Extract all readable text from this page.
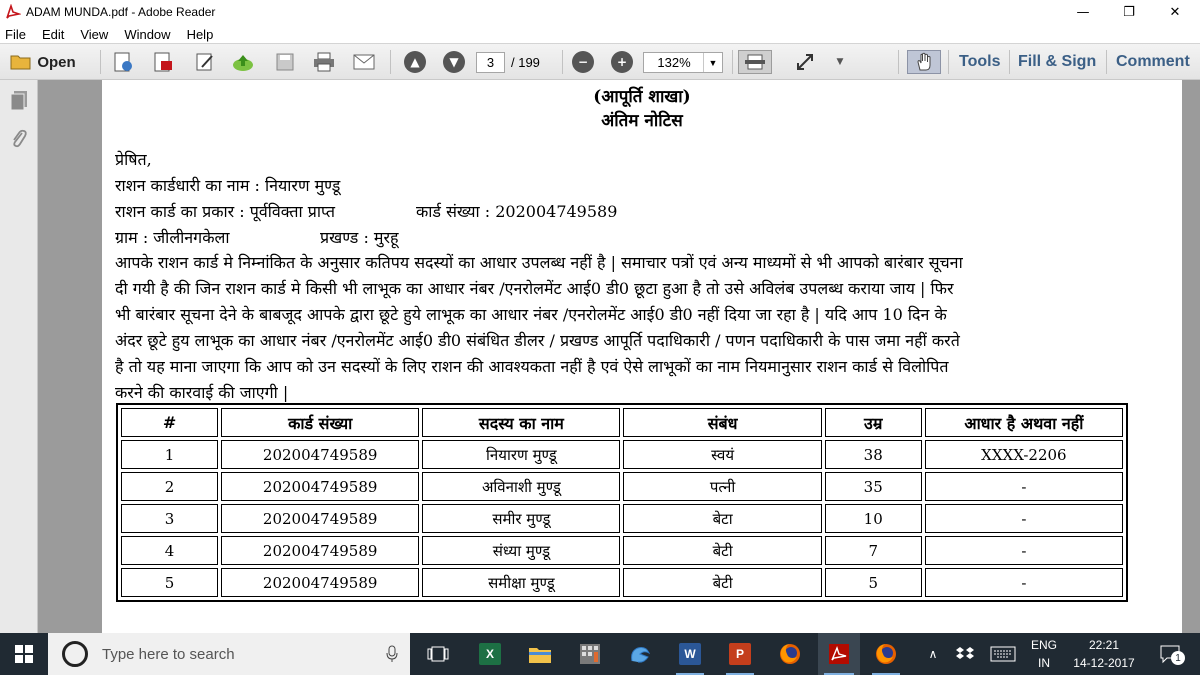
ADAM MUNDA.pdf - Adobe Reader	—	❐	✕
File Edit View Window Help
Open	▲	▼	3	/ 199	−	+	132%	▼	▼	Tools Fill & Sign Comment
(आपूर्ति शाखा)
अंतिम नोटिस
प्रेषित,
राशन कार्डधारी का नाम : नियारण मुण्डू
राशन कार्ड का प्रकार : पूर्वविक्ता प्राप्त	कार्ड संख्या : 202004749589
ग्राम : जीलीनगकेला	प्रखण्ड : मुरहू
आपके राशन कार्ड मे निम्नांकित के अनुसार कतिपय सदस्यों का आधार उपलब्ध नहीं है | समाचार पत्रों एवं अन्य माध्यमों से भी आपको बारंबार सूचना
दी गयी है की जिन राशन कार्ड मे किसी भी लाभूक का आधार नंबर /एनरोलमेंट आई0 डी0 छूटा हुआ है तो उसे अविलंब उपलब्ध कराया जाय | फिर
भी बारंबार सूचना देने के बाबजूद आपके द्वारा छूटे हुये लाभूक का आधार नंबर /एनरोलमेंट आई0 डी0 नहीं दिया जा रहा है | यदि आप 10 दिन के
अंदर छूटे हुय लाभूक का आधार नंबर /एनरोलमेंट आई0 डी0 संबंधित डीलर / प्रखण्ड आपूर्ति पदाधिकारी / पणन पदाधिकारी के पास जमा नहीं करते
है तो यह माना जाएगा कि आप को उन सदस्यों के लिए राशन की आवश्यकता नहीं है एवं ऐसे लाभूकों का नाम नियमानुसार राशन कार्ड से विलोपित
करने की कारवाई की जाएगी |
#	कार्ड संख्या	सदस्य का नाम	संबंध	उम्र	आधार है अथवा नहीं
1	202004749589	नियारण मुण्डू	स्वयं	38	XXXX-2206
2	202004749589	अविनाशी मुण्डू	पत्नी	35	-
3	202004749589	समीर मुण्डू	बेटा	10	-
4	202004749589	संध्या मुण्डू	बेटी	7	-
5	202004749589	समीक्षा मुण्डू	बेटी	5	-
Type here to search	X	W	P	∧
ENG
IN
22:21
14-12-2017	1
